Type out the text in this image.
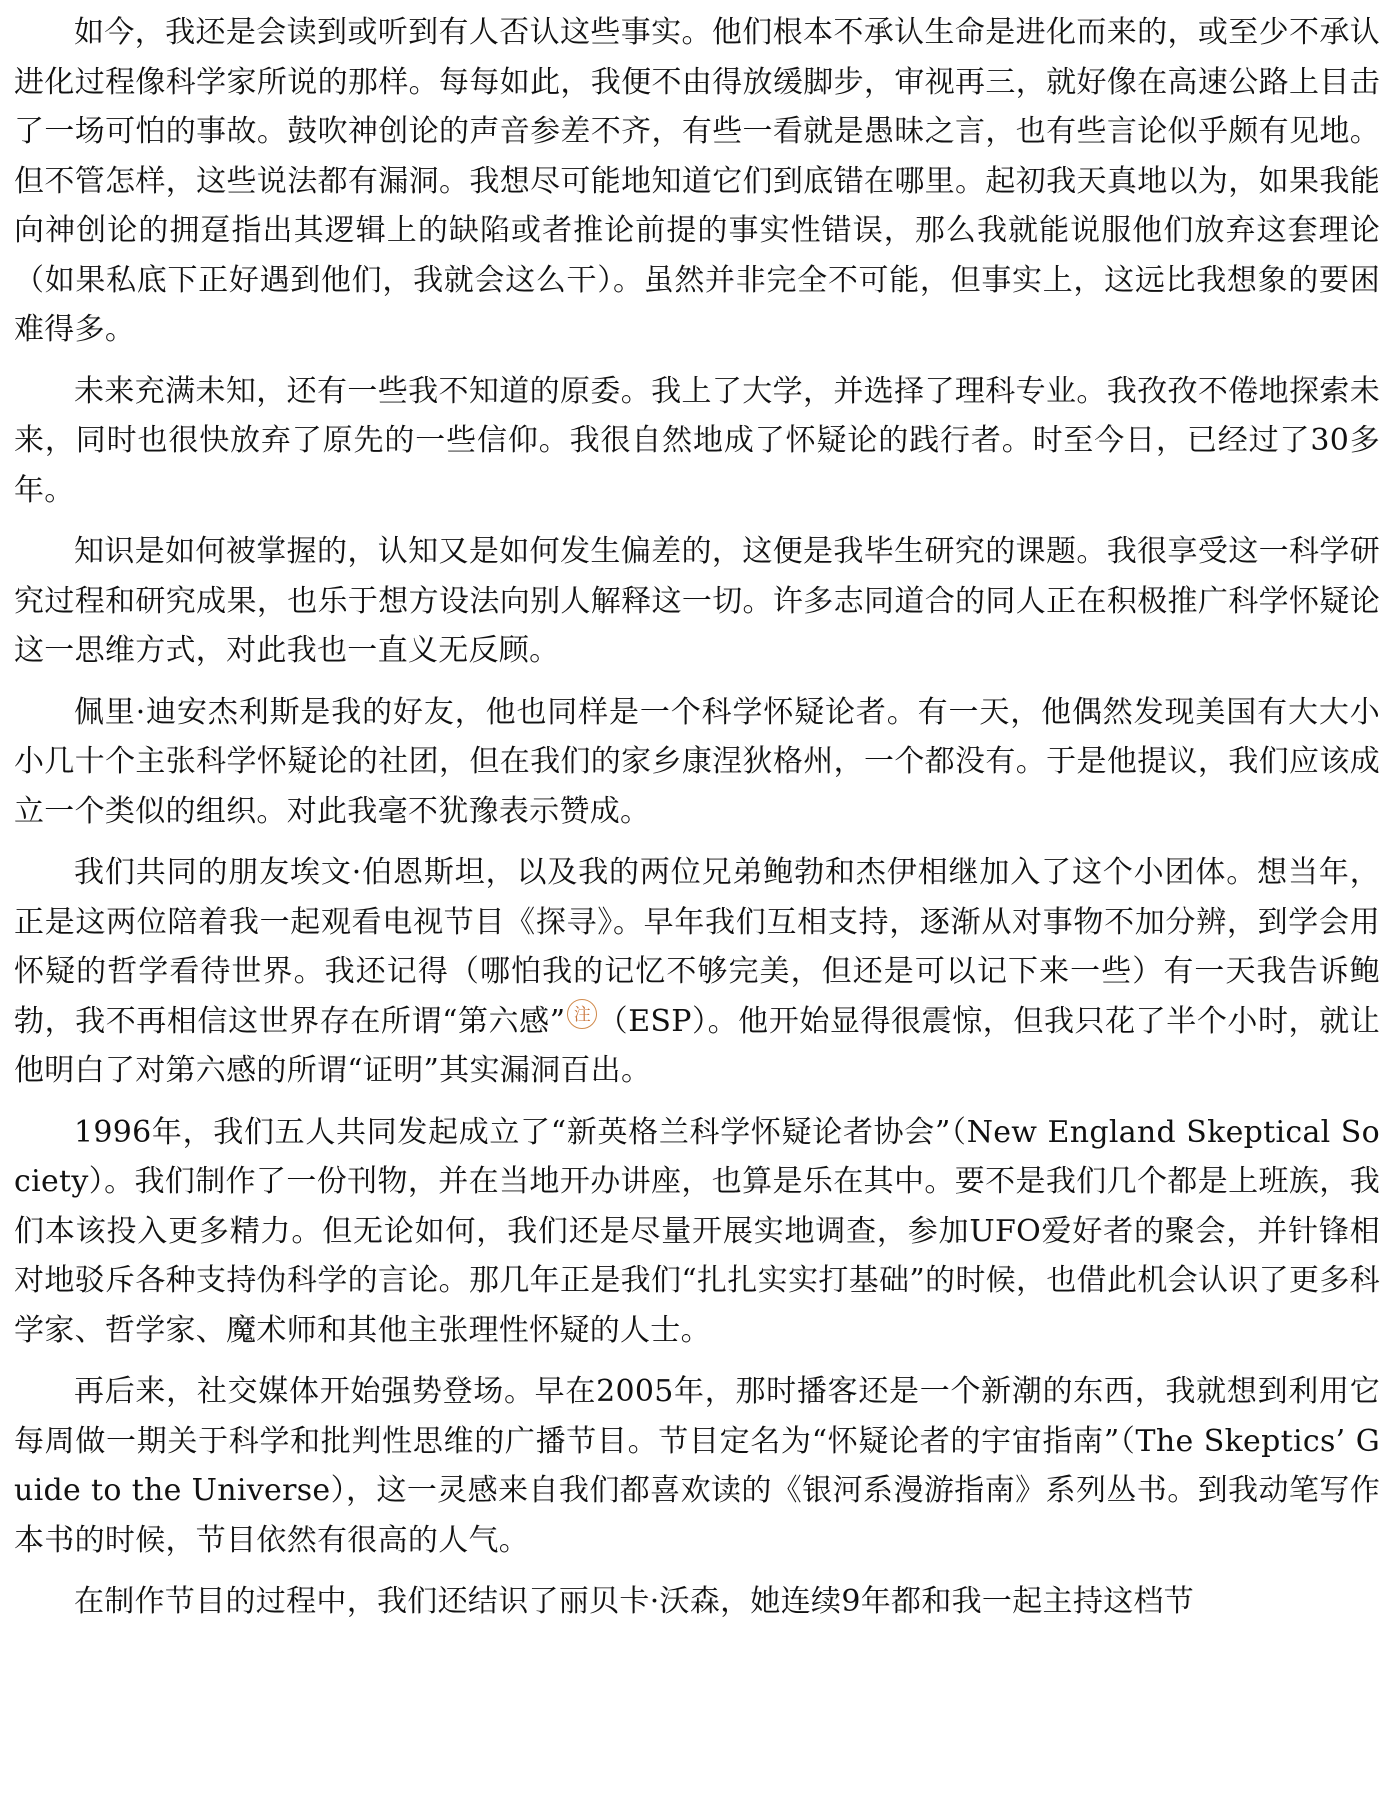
如今，我还是会读到或听到有人否认这些事实。他们根本不承认生命是进化而来的，或至少不承认进化过程像科学家所说的那样。每每如此，我便不由得放缓脚步，审视再三，就好像在高速公路上目击了一场可怕的事故。鼓吹神创论的声音参差不齐，有些一看就是愚昧之言，也有些言论似乎颇有见地。但不管怎样，这些说法都有漏洞。我想尽可能地知道它们到底错在哪里。起初我天真地以为，如果我能向神创论的拥趸指出其逻辑上的缺陷或者推论前提的事实性错误，那么我就能说服他们放弃这套理论（如果私底下正好遇到他们，我就会这么干）。虽然并非完全不可能，但事实上，这远比我想象的要困难得多。

未来充满未知，还有一些我不知道的原委。我上了大学，并选择了理科专业。我孜孜不倦地探索未来，同时也很快放弃了原先的一些信仰。我很自然地成了怀疑论的践行者。时至今日，已经过了30多年。

知识是如何被掌握的，认知又是如何发生偏差的，这便是我毕生研究的课题。我很享受这一科学研究过程和研究成果，也乐于想方设法向别人解释这一切。许多志同道合的同人正在积极推广科学怀疑论这一思维方式，对此我也一直义无反顾。

佩里·迪安杰利斯是我的好友，他也同样是一个科学怀疑论者。有一天，他偶然发现美国有大大小小几十个主张科学怀疑论的社团，但在我们的家乡康涅狄格州，一个都没有。于是他提议，我们应该成立一个类似的组织。对此我毫不犹豫表示赞成。

我们共同的朋友埃文·伯恩斯坦，以及我的两位兄弟鲍勃和杰伊相继加入了这个小团体。想当年，正是这两位陪着我一起观看电视节目《探寻》。早年我们互相支持，逐渐从对事物不加分辨，到学会用怀疑的哲学看待世界。我还记得（哪怕我的记忆不够完美，但还是可以记下来一些）有一天我告诉鲍勃，我不再相信这世界存在所谓“第六感” 注 （ESP）。他开始显得很震惊，但我只花了半个小时，就让他明白了对第六感的所谓“证明”其实漏洞百出。

1996年，我们五人共同发起成立了“新英格兰科学怀疑论者协会”（New England Skeptical Society）。我们制作了一份刊物，并在当地开办讲座，也算是乐在其中。要不是我们几个都是上班族，我们本该投入更多精力。但无论如何，我们还是尽量开展实地调查，参加UFO爱好者的聚会，并针锋相对地驳斥各种支持伪科学的言论。那几年正是我们“扎扎实实打基础”的时候，也借此机会认识了更多科学家、哲学家、魔术师和其他主张理性怀疑的人士。

再后来，社交媒体开始强势登场。早在2005年，那时播客还是一个新潮的东西，我就想到利用它每周做一期关于科学和批判性思维的广播节目。节目定名为“怀疑论者的宇宙指南”（The Skeptics’ Guide to the Universe），这一灵感来自我们都喜欢读的《银河系漫游指南》系列丛书。到我动笔写作本书的时候，节目依然有很高的人气。

在制作节目的过程中，我们还结识了丽贝卡·沃森，她连续9年都和我一起主持这档节
